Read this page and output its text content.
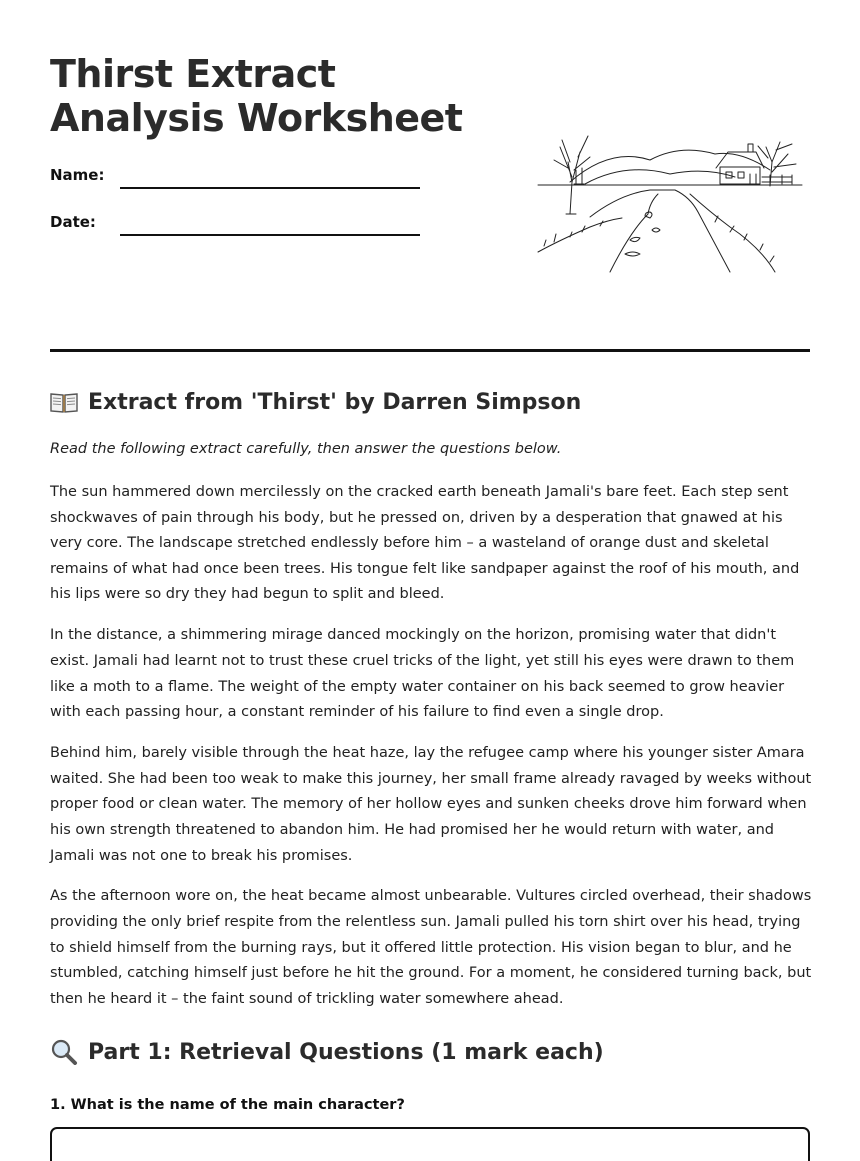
Thirst Extract Analysis Worksheet
Name:
Date:
Extract from 'Thirst' by Darren Simpson

Read the following extract carefully, then answer the questions below.

The sun hammered down mercilessly on the cracked earth beneath Jamali's bare feet. Each step sent shockwaves of pain through his body, but he pressed on, driven by a desperation that gnawed at his very core. The landscape stretched endlessly before him – a wasteland of orange dust and skeletal remains of what had once been trees. His tongue felt like sandpaper against the roof of his mouth, and his lips were so dry they had begun to split and bleed.

In the distance, a shimmering mirage danced mockingly on the horizon, promising water that didn't exist. Jamali had learnt not to trust these cruel tricks of the light, yet still his eyes were drawn to them like a moth to a flame. The weight of the empty water container on his back seemed to grow heavier with each passing hour, a constant reminder of his failure to find even a single drop.

Behind him, barely visible through the heat haze, lay the refugee camp where his younger sister Amara waited. She had been too weak to make this journey, her small frame already ravaged by weeks without proper food or clean water. The memory of her hollow eyes and sunken cheeks drove him forward when his own strength threatened to abandon him. He had promised her he would return with water, and Jamali was not one to break his promises.

As the afternoon wore on, the heat became almost unbearable. Vultures circled overhead, their shadows providing the only brief respite from the relentless sun. Jamali pulled his torn shirt over his head, trying to shield himself from the burning rays, but it offered little protection. His vision began to blur, and he stumbled, catching himself just before he hit the ground. For a moment, he considered turning back, but then he heard it – the faint sound of trickling water somewhere ahead.

Part 1: Retrieval Questions (1 mark each)
1. What is the name of the main character?
